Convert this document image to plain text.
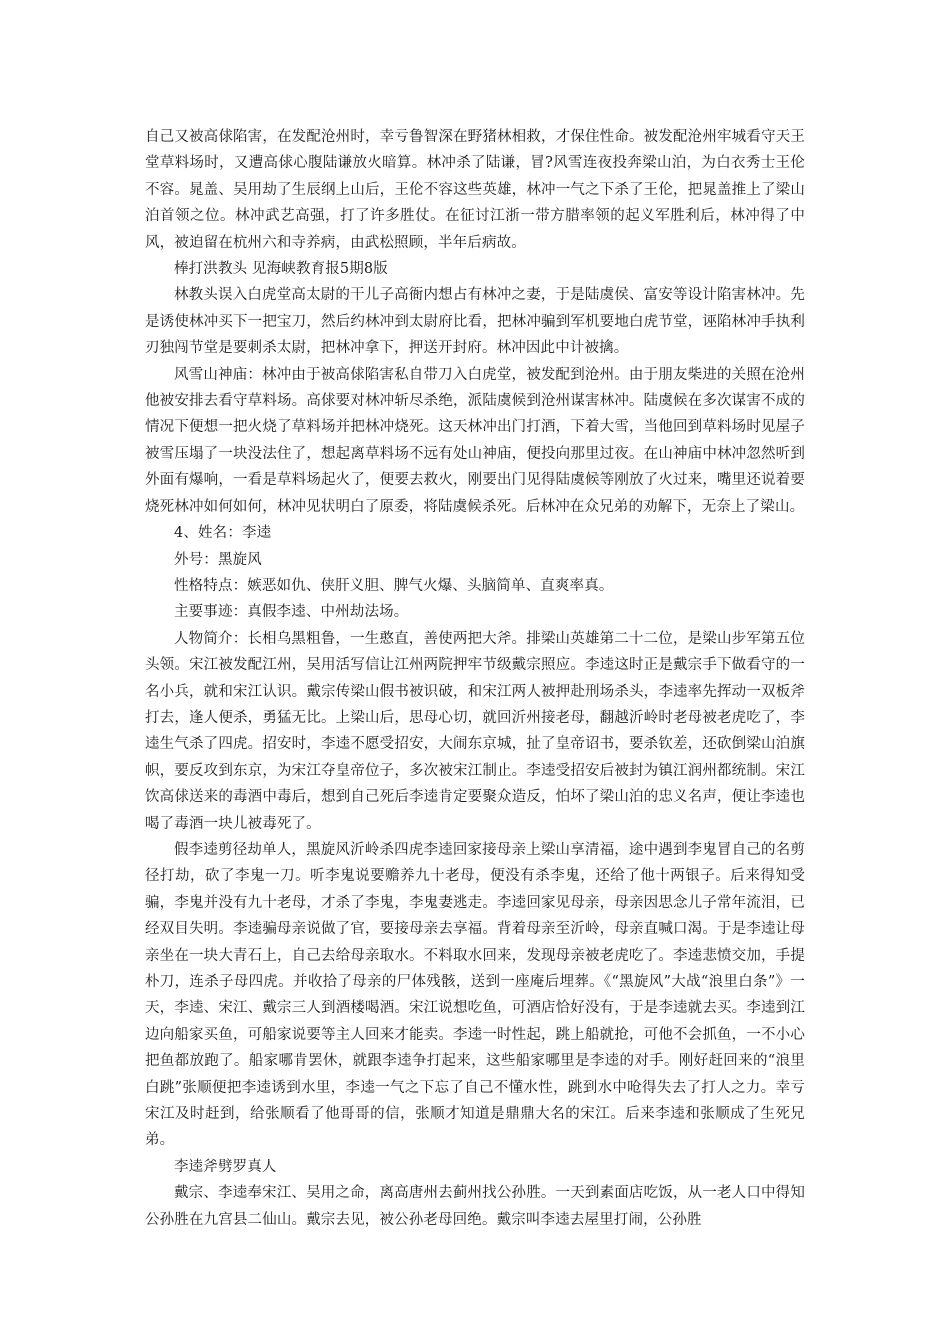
自己又被高俅陷害，在发配沧州时，幸亏鲁智深在野猪林相救，才保住性命。被发配沧州牢城看守天王堂草料场时，又遭高俅心腹陆谦放火暗算。林冲杀了陆谦，冒?风雪连夜投奔梁山泊，为白衣秀士王伦不容。晁盖、吴用劫了生辰纲上山后，王伦不容这些英雄，林冲一气之下杀了王伦，把晁盖推上了梁山泊首领之位。林冲武艺高强，打了许多胜仗。在征讨江浙一带方腊率领的起义军胜利后，林冲得了中风，被迫留在杭州六和寺养病，由武松照顾，半年后病故。

棒打洪教头 见海峡教育报5期8版

林教头误入白虎堂高太尉的干儿子高衙内想占有林冲之妻，于是陆虞侯、富安等设计陷害林冲。先是诱使林冲买下一把宝刀，然后约林冲到太尉府比看，把林冲骗到军机要地白虎节堂，诬陷林冲手执利刃独闯节堂是要刺杀太尉，把林冲拿下，押送开封府。林冲因此中计被擒。

风雪山神庙：林冲由于被高俅陷害私自带刀入白虎堂，被发配到沧州。由于朋友柴进的关照在沧州他被安排去看守草料场。高俅要对林冲斩尽杀绝，派陆虞候到沧州谋害林冲。陆虞候在多次谋害不成的情况下便想一把火烧了草料场并把林冲烧死。这天林冲出门打酒，下着大雪，当他回到草料场时见屋子被雪压塌了一块没法住了，想起离草料场不远有处山神庙，便投向那里过夜。在山神庙中林冲忽然听到外面有爆响，一看是草料场起火了，便要去救火，刚要出门见得陆虞候等刚放了火过来，嘴里还说着要烧死林冲如何如何，林冲见状明白了原委，将陆虞候杀死。后林冲在众兄弟的劝解下，无奈上了梁山。

4、姓名：李逵

外号：黑旋风

性格特点：嫉恶如仇、侠肝义胆、脾气火爆、头脑简单、直爽率真。

主要事迹：真假李逵、中州劫法场。

人物简介：长相乌黑粗鲁，一生憨直，善使两把大斧。排梁山英雄第二十二位，是梁山步军第五位头领。宋江被发配江州，吴用活写信让江州两院押牢节级戴宗照应。李逵这时正是戴宗手下做看守的一名小兵，就和宋江认识。戴宗传梁山假书被识破，和宋江两人被押赴刑场杀头，李逵率先挥动一双板斧打去，逢人便杀，勇猛无比。上梁山后，思母心切，就回沂州接老母，翻越沂岭时老母被老虎吃了，李逵生气杀了四虎。招安时，李逵不愿受招安，大闹东京城，扯了皇帝诏书，要杀钦差，还砍倒梁山泊旗帜，要反攻到东京，为宋江夺皇帝位子，多次被宋江制止。李逵受招安后被封为镇江润州都统制。宋江饮高俅送来的毒酒中毒后，想到自己死后李逵肯定要聚众造反，怕坏了梁山泊的忠义名声，便让李逵也喝了毒酒一块儿被毒死了。

假李逵剪径劫单人，黑旋风沂岭杀四虎李逵回家接母亲上梁山享清福，途中遇到李鬼冒自己的名剪径打劫，砍了李鬼一刀。听李鬼说要赡养九十老母，便没有杀李鬼，还给了他十两银子。后来得知受骗，李鬼并没有九十老母，才杀了李鬼，李鬼妻逃走。李逵回家见母亲，母亲因思念儿子常年流泪，已经双目失明。李逵骗母亲说做了官，要接母亲去享福。背着母亲至沂岭，母亲直喊口渴。于是李逵让母亲坐在一块大青石上，自己去给母亲取水。不料取水回来，发现母亲被老虎吃了。李逵悲愤交加，手提朴刀，连杀子母四虎。并收拾了母亲的尸体残骸，送到一座庵后埋葬。《“黑旋风”大战“浪里白条”》一天，李逵、宋江、戴宗三人到酒楼喝酒。宋江说想吃鱼，可酒店恰好没有，于是李逵就去买。李逵到江边向船家买鱼，可船家说要等主人回来才能卖。李逵一时性起，跳上船就抢，可他不会抓鱼，一不小心把鱼都放跑了。船家哪肯罢休，就跟李逵争打起来，这些船家哪里是李逵的对手。刚好赶回来的“浪里白跳”张顺便把李逵诱到水里，李逵一气之下忘了自己不懂水性，跳到水中呛得失去了打人之力。幸亏宋江及时赶到，给张顺看了他哥哥的信，张顺才知道是鼎鼎大名的宋江。后来李逵和张顺成了生死兄弟。

李逵斧劈罗真人

戴宗、李逵奉宋江、吴用之命，离高唐州去蓟州找公孙胜。一天到素面店吃饭，从一老人口中得知公孙胜在九宫县二仙山。戴宗去见，被公孙老母回绝。戴宗叫李逵去屋里打闹，公孙胜
